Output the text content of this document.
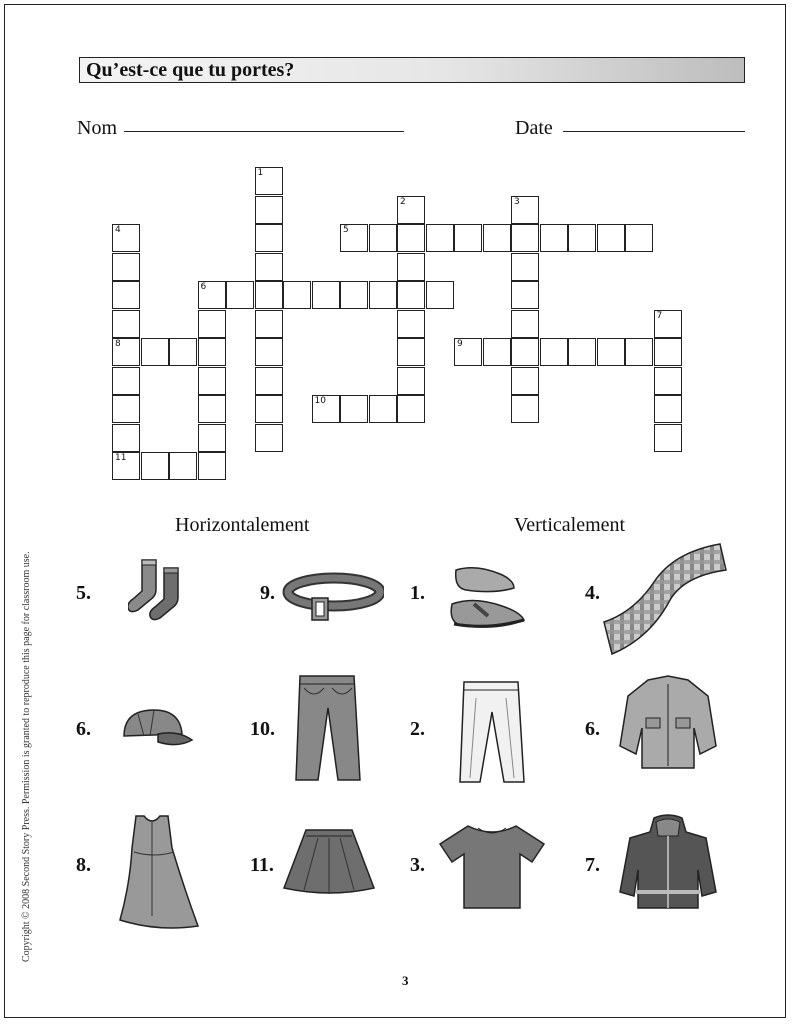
Qu’est-ce que tu portes?
Nom	Date
5
6
8	9
10
11
1
2	3
4
7
Horizontalement	Verticalement
5.	9.	1.	4.
6.	10.	2.	6.
8.	11.	3.	7.
Copyright © 2008 Second Story Press. Permission is granted to reproduce this page for classroom use.
3
